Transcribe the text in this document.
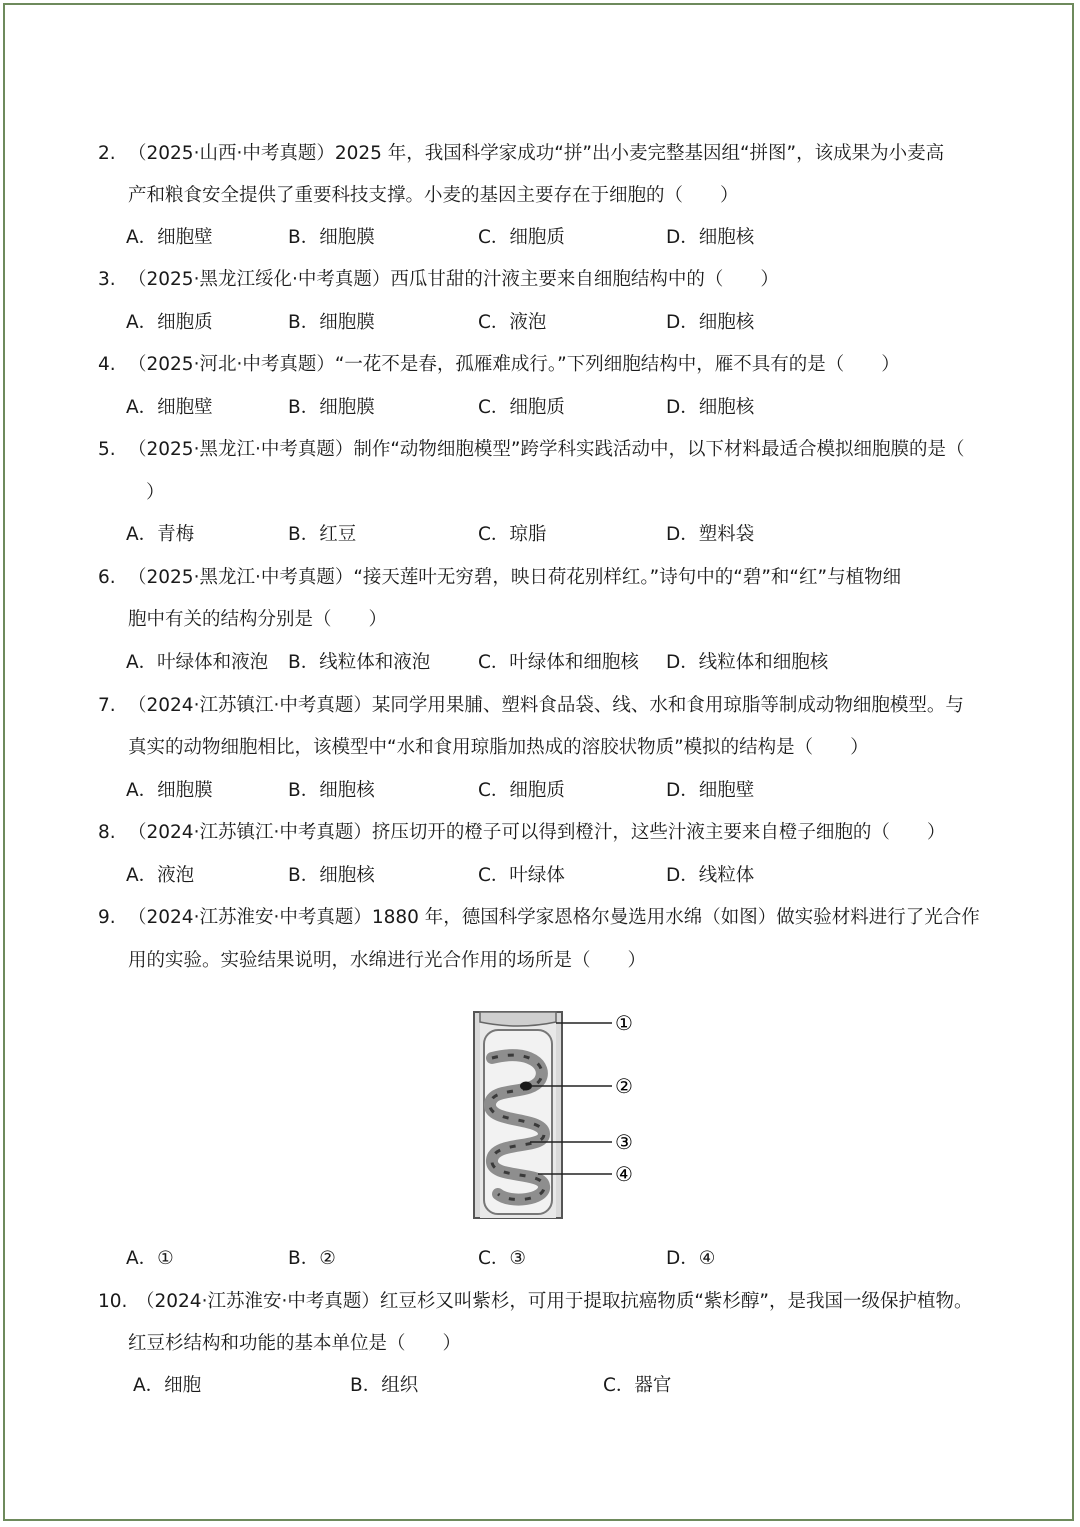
2. （2025·山西·中考真题）2025 年，我国科学家成功“拼”出小麦完整基因组“拼图”，该成果为小麦高
产和粮食安全提供了重要科技支撑。小麦的基因主要存在于细胞的（　　）
A．细胞壁	B．细胞膜	C．细胞质	D．细胞核
3. （2025·黑龙江绥化·中考真题）西瓜甘甜的汁液主要来自细胞结构中的（　　）
A．细胞质	B．细胞膜	C．液泡	D．细胞核
4. （2025·河北·中考真题）“一花不是春，孤雁难成行。”下列细胞结构中，雁不具有的是（　　）
A．细胞壁	B．细胞膜	C．细胞质	D．细胞核
5. （2025·黑龙江·中考真题）制作“动物细胞模型”跨学科实践活动中，以下材料最适合模拟细胞膜的是（
）
A．青梅	B．红豆	C．琼脂	D．塑料袋
6. （2025·黑龙江·中考真题）“接天莲叶无穷碧，映日荷花别样红。”诗句中的“碧”和“红”与植物细
胞中有关的结构分别是（　　）
A．叶绿体和液泡 B．线粒体和液泡	C．叶绿体和细胞核 D．线粒体和细胞核
7. （2024·江苏镇江·中考真题）某同学用果脯、塑料食品袋、线、水和食用琼脂等制成动物细胞模型。与
真实的动物细胞相比，该模型中“水和食用琼脂加热成的溶胶状物质”模拟的结构是（　　）
A．细胞膜	B．细胞核	C．细胞质	D．细胞壁
8. （2024·江苏镇江·中考真题）挤压切开的橙子可以得到橙汁，这些汁液主要来自橙子细胞的（　　）
A．液泡	B．细胞核	C．叶绿体	D．线粒体
9. （2024·江苏淮安·中考真题）1880 年，德国科学家恩格尔曼选用水绵（如图）做实验材料进行了光合作
用的实验。实验结果说明，水绵进行光合作用的场所是（　　）
①
②
③
④
A．①	B．②	C．③	D．④
10. （2024·江苏淮安·中考真题）红豆杉又叫紫杉，可用于提取抗癌物质“紫杉醇”，是我国一级保护植物。
红豆杉结构和功能的基本单位是（　　）
A．细胞	B．组织	C．器官
